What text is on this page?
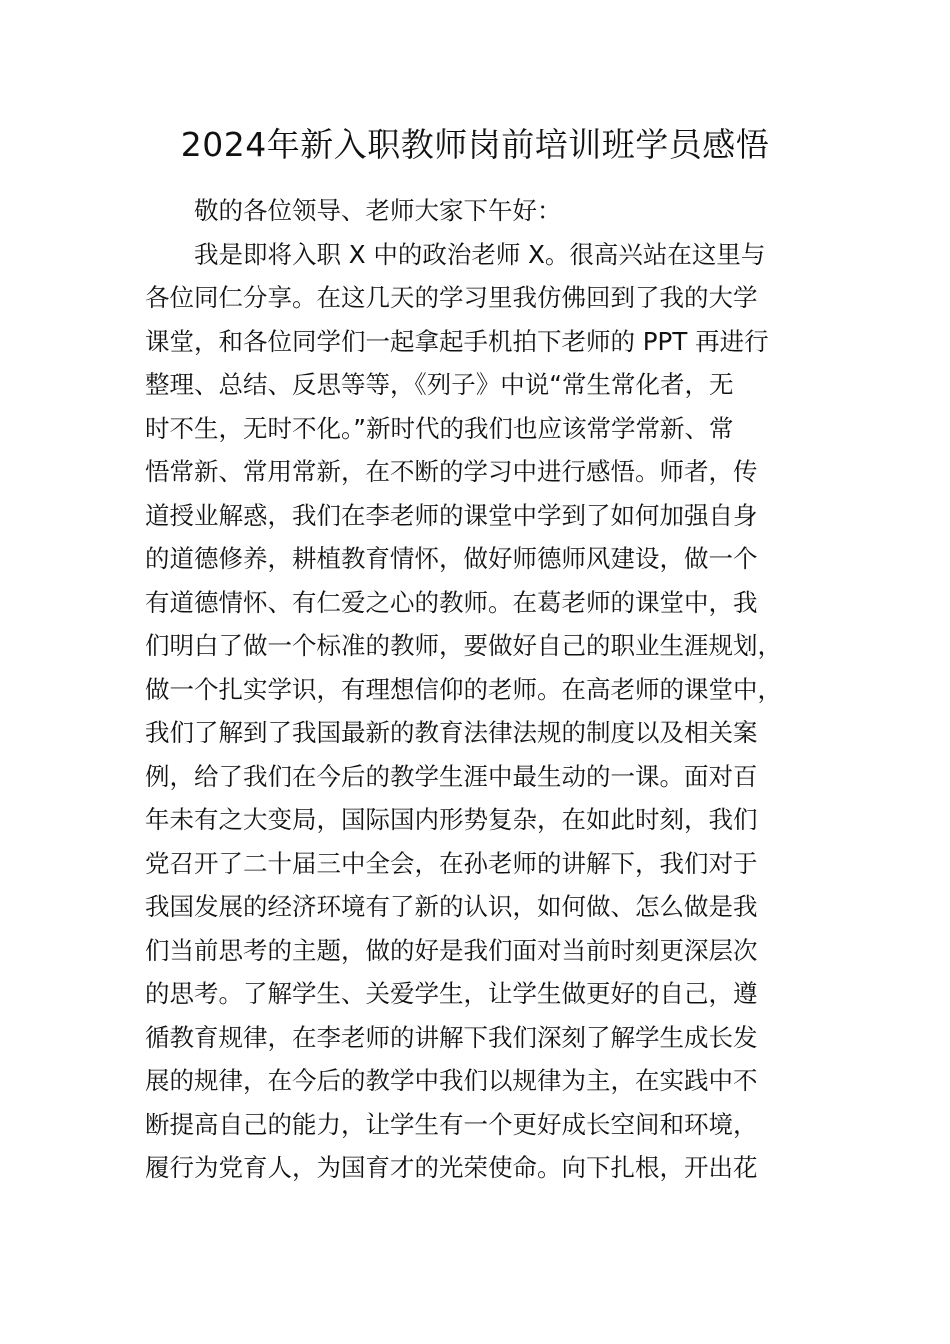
2024年新入职教师岗前培训班学员感悟
敬的各位领导、老师大家下午好：
我是即将入职 X 中的政治老师 X。很高兴站在这里与
各位同仁分享。在这几天的学习里我仿佛回到了我的大学
课堂，和各位同学们一起拿起手机拍下老师的 PPT 再进行
整理、总结、反思等等，《列子》中说“常生常化者，无
时不生，无时不化。”新时代的我们也应该常学常新、常
悟常新、常用常新，在不断的学习中进行感悟。师者，传
道授业解惑，我们在李老师的课堂中学到了如何加强自身
的道德修养，耕植教育情怀，做好师德师风建设，做一个
有道德情怀、有仁爱之心的教师。在葛老师的课堂中，我
们明白了做一个标准的教师，要做好自己的职业生涯规划，
做一个扎实学识，有理想信仰的老师。在高老师的课堂中，
我们了解到了我国最新的教育法律法规的制度以及相关案
例，给了我们在今后的教学生涯中最生动的一课。面对百
年未有之大变局，国际国内形势复杂，在如此时刻，我们
党召开了二十届三中全会，在孙老师的讲解下，我们对于
我国发展的经济环境有了新的认识，如何做、怎么做是我
们当前思考的主题，做的好是我们面对当前时刻更深层次
的思考。了解学生、关爱学生，让学生做更好的自己，遵
循教育规律，在李老师的讲解下我们深刻了解学生成长发
展的规律，在今后的教学中我们以规律为主，在实践中不
断提高自己的能力，让学生有一个更好成长空间和环境，
履行为党育人，为国育才的光荣使命。向下扎根，开出花
